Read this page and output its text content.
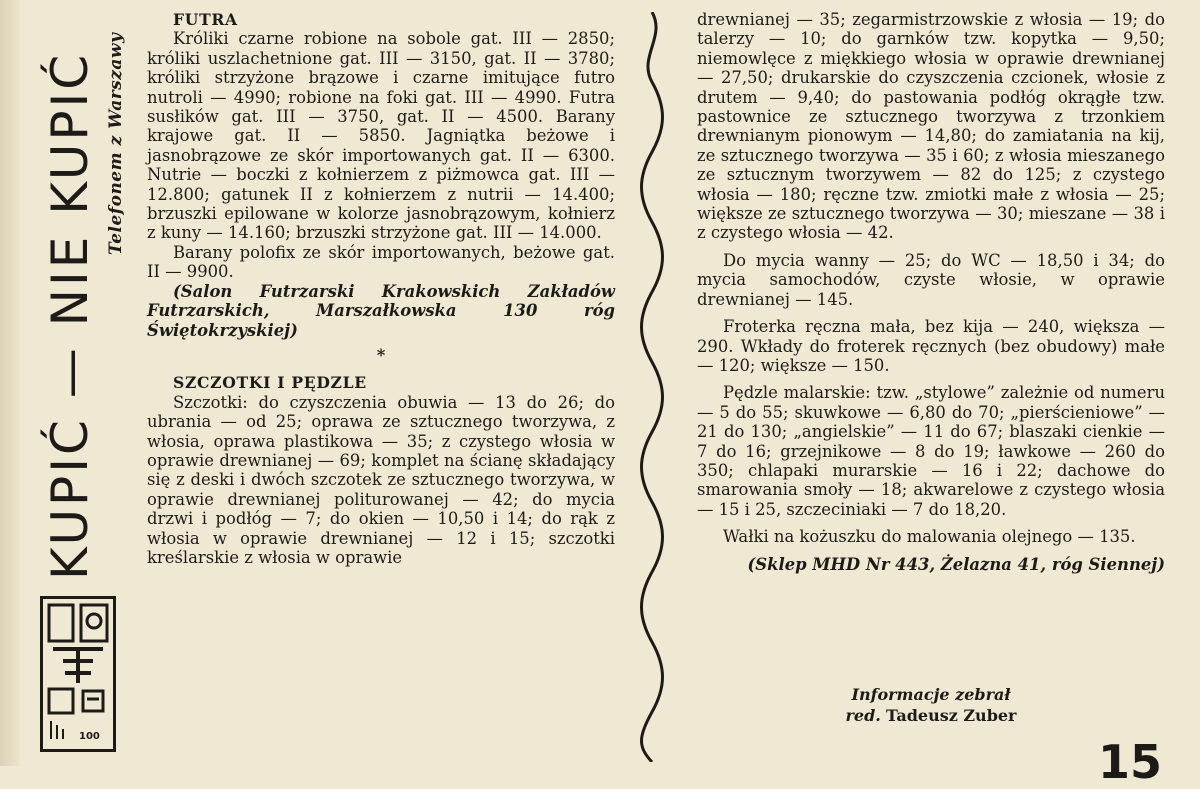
KUPIĆ — NIE KUPIĆ Telefonem z Warszawy
100

FUTRA

Króliki czarne robione na sobole gat. III — 2850; króliki uszlachetnione gat. III — 3150, gat. II — 3780; króliki strzyżone brązowe i czarne imitujące futro nutroli — 4990; robione na foki gat. III — 4990. Futra susłików gat. III — 3750, gat. II — 4500. Barany krajowe gat. II — 5850. Jagniątka beżowe i jasnobrązowe ze skór importowanych gat. II — 6300. Nutrie — boczki z kołnierzem z piżmowca gat. III — 12.800; gatunek II z kołnierzem z nutrii — 14.400; brzuszki epilowane w kolorze jasnobrązowym, kołnierz z kuny — 14.160; brzuszki strzyżone gat. III — 14.000.

Barany polofix ze skór importowanych, beżowe gat. II — 9900.

(Salon Futrzarski Krakowskich Zakładów Futrzarskich, Marszałkowska 130 róg Świętokrzyskiej)

*

SZCZOTKI I PĘDZLE

Szczotki: do czyszczenia obuwia — 13 do 26; do ubrania — od 25; oprawa ze sztucznego tworzywa, z włosia, oprawa plastikowa — 35; z czystego włosia w oprawie drewnianej — 69; komplet na ścianę składający się z deski i dwóch szczotek ze sztucznego tworzywa, w oprawie drewnianej politurowanej — 42; do mycia drzwi i podłóg — 7; do okien — 10,50 i 14; do rąk z włosia w oprawie drewnianej — 12 i 15; szczotki kreślarskie z włosia w oprawie

drewnianej — 35; zegarmistrzowskie z włosia — 19; do talerzy — 10; do garnków tzw. kopytka — 9,50; niemowlęce z miękkiego włosia w oprawie drewnianej — 27,50; drukarskie do czyszczenia czcionek, włosie z drutem — 9,40; do pastowania podłóg okrągłe tzw. pastownice ze sztucznego tworzywa z trzonkiem drewnianym pionowym — 14,80; do zamiatania na kij, ze sztucznego tworzywa — 35 i 60; z włosia mieszanego ze sztucznym tworzywem — 82 do 125; z czystego włosia — 180; ręczne tzw. zmiotki małe z włosia — 25; większe ze sztucznego tworzywa — 30; mieszane — 38 i z czystego włosia — 42.

Do mycia wanny — 25; do WC — 18,50 i 34; do mycia samochodów, czyste włosie, w oprawie drewnianej — 145.

Froterka ręczna mała, bez kija — 240, większa — 290. Wkłady do froterek ręcznych (bez obudowy) małe — 120; większe — 150.

Pędzle malarskie: tzw. „stylowe” zależnie od numeru — 5 do 55; skuwkowe — 6,80 do 70; „pierścieniowe” — 21 do 130; „angielskie” — 11 do 67; blaszaki cienkie — 7 do 16; grzejnikowe — 8 do 19; ławkowe — 260 do 350; chlapaki murarskie — 16 i 22; dachowe do smarowania smoły — 18; akwarelowe z czystego włosia — 15 i 25, szczeciniaki — 7 do 18,20.

Wałki na kożuszku do malowania olejnego — 135.

(Sklep MHD Nr 443, Żelazna 41, róg Siennej)

Informacje zebrał
red. Tadeusz Zuber
15
